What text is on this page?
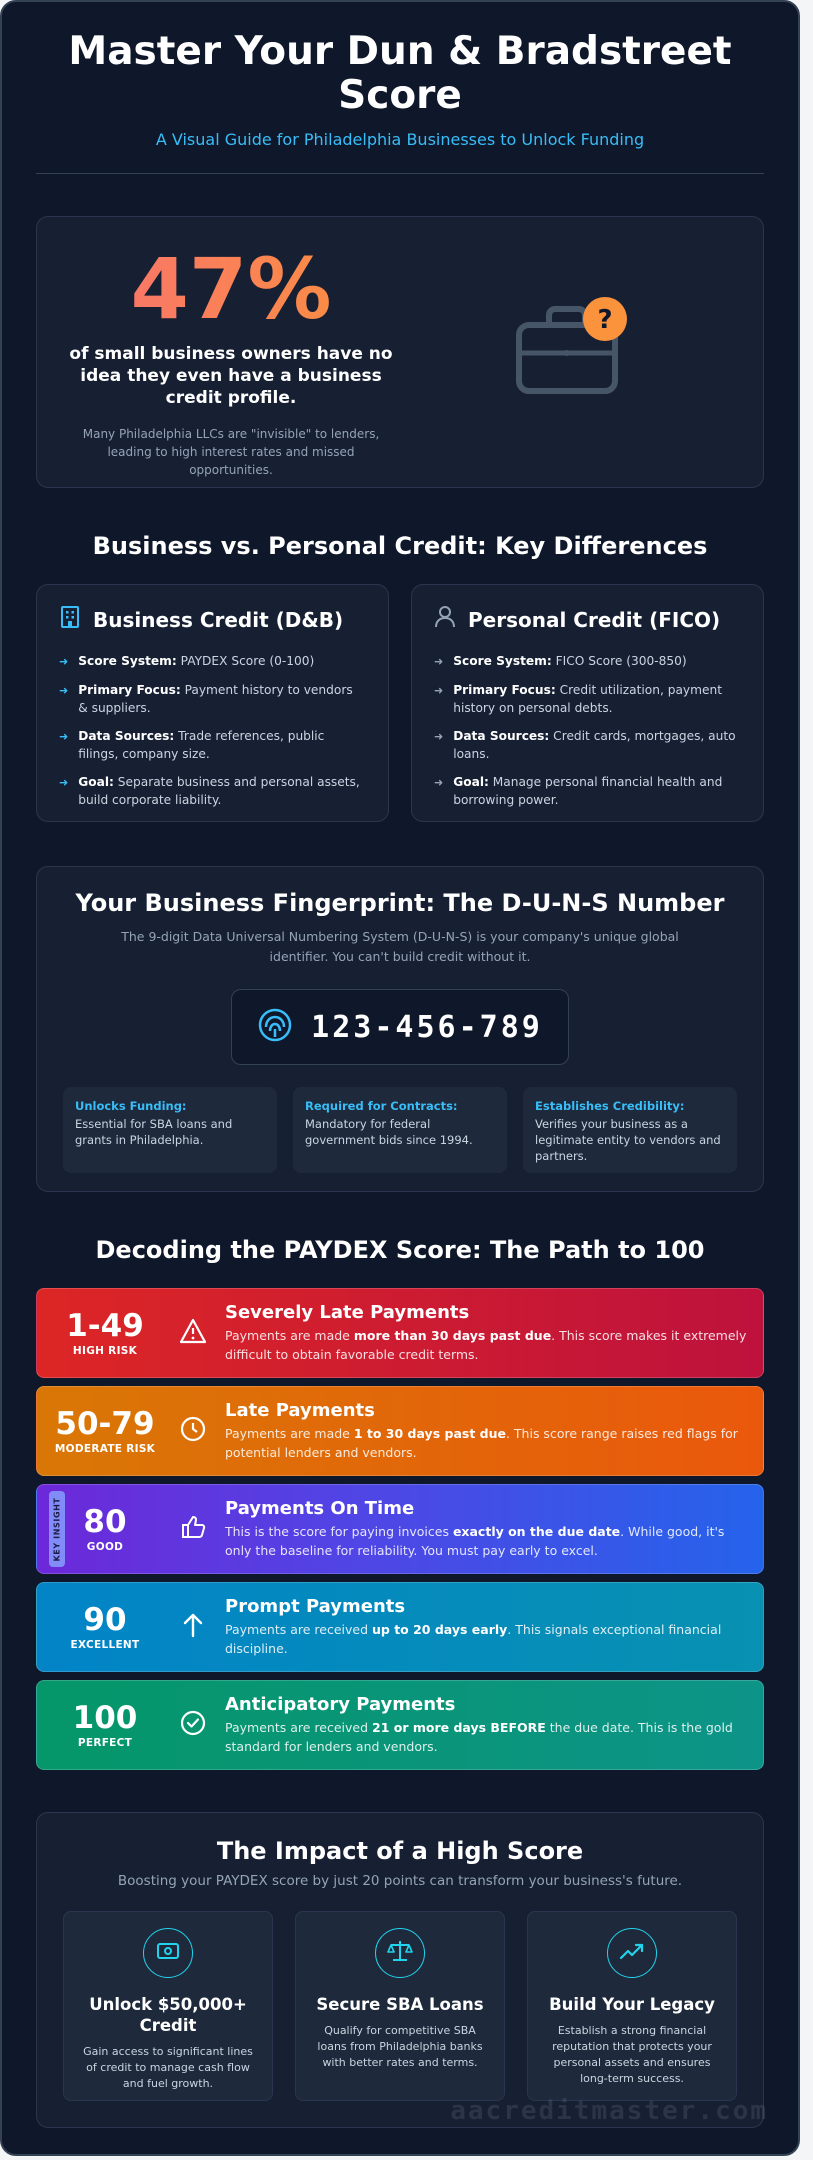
Master Your Dun & Bradstreet Score
A Visual Guide for Philadelphia Businesses to Unlock Funding
47%
of small business owners have no idea they even have a business credit profile.
Many Philadelphia LLCs are "invisible" to lenders, leading to high interest rates and missed opportunities.
?
Business vs. Personal Credit: Key Differences
Business Credit (D&B)
➜ Score System: PAYDEX Score (0-100)
➜ Primary Focus: Payment history to vendors & suppliers.
➜ Data Sources: Trade references, public filings, company size.
➜ Goal: Separate business and personal assets, build corporate liability.
Personal Credit (FICO)
➜ Score System: FICO Score (300-850)
➜ Primary Focus: Credit utilization, payment history on personal debts.
➜ Data Sources: Credit cards, mortgages, auto loans.
➜ Goal: Manage personal financial health and borrowing power.
Your Business Fingerprint: The D-U-N-S Number
The 9-digit Data Universal Numbering System (D-U-N-S) is your company's unique global identifier. You can't build credit without it.
123-456-789
Unlocks Funding:
Essential for SBA loans and grants in Philadelphia.
Required for Contracts:
Mandatory for federal government bids since 1994.
Establishes Credibility:
Verifies your business as a legitimate entity to vendors and partners.
Decoding the PAYDEX Score: The Path to 100
1-49
HIGH RISK
Severely Late Payments
Payments are made more than 30 days past due. This score makes it extremely difficult to obtain favorable credit terms.
50-79
MODERATE RISK
Late Payments
Payments are made 1 to 30 days past due. This score range raises red flags for potential lenders and vendors.
KEY INSIGHT 80
GOOD
Payments On Time
This is the score for paying invoices exactly on the due date. While good, it's only the baseline for reliability. You must pay early to excel.
90
EXCELLENT
Prompt Payments
Payments are received up to 20 days early. This signals exceptional financial discipline.
100
PERFECT
Anticipatory Payments
Payments are received 21 or more days BEFORE the due date. This is the gold standard for lenders and vendors.
The Impact of a High Score
Boosting your PAYDEX score by just 20 points can transform your business's future.
Unlock $50,000+ Credit
Gain access to significant lines of credit to manage cash flow and fuel growth.
Secure SBA Loans
Qualify for competitive SBA loans from Philadelphia banks with better rates and terms.
Build Your Legacy
Establish a strong financial reputation that protects your personal assets and ensures long-term success.
aacreditmaster.com
